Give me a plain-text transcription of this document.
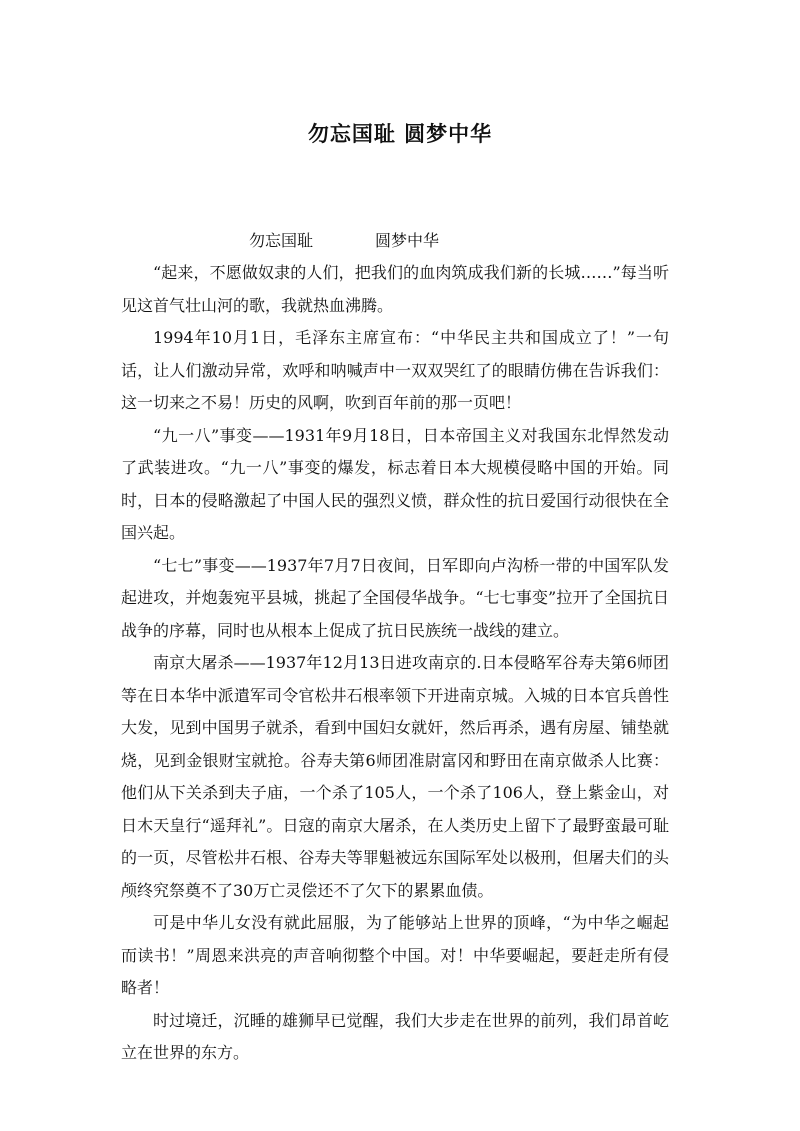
勿忘国耻 圆梦中华
勿忘国耻	圆梦中华

“起来，不愿做奴隶的人们，把我们的血肉筑成我们新的长城……”每当听见这首气壮山河的歌，我就热血沸腾。

1994年10月1日，毛泽东主席宣布：“中华民主共和国成立了！”一句话，让人们激动异常，欢呼和呐喊声中一双双哭红了的眼睛仿佛在告诉我们：这一切来之不易！历史的风啊，吹到百年前的那一页吧！

“九一八”事变——1931年9月18日，日本帝国主义对我国东北悍然发动了武装进攻。“九一八”事变的爆发，标志着日本大规模侵略中国的开始。同时，日本的侵略激起了中国人民的强烈义愤，群众性的抗日爱国行动很快在全国兴起。

“七七”事变——1937年7月7日夜间，日军即向卢沟桥一带的中国军队发起进攻，并炮轰宛平县城，挑起了全国侵华战争。“七七事变”拉开了全国抗日战争的序幕，同时也从根本上促成了抗日民族统一战线的建立。

南京大屠杀——1937年12月13日进攻南京的.日本侵略军谷寿夫第6师团等在日本华中派遣军司令官松井石根率领下开进南京城。入城的日本官兵兽性大发，见到中国男子就杀，看到中国妇女就奸，然后再杀，遇有房屋、铺垫就烧，见到金银财宝就抢。谷寿夫第6师团准尉富冈和野田在南京做杀人比赛：他们从下关杀到夫子庙，一个杀了105人，一个杀了106人，登上紫金山，对日木天皇行“遥拜礼”。日寇的南京大屠杀，在人类历史上留下了最野蛮最可耻的一页，尽管松井石根、谷寿夫等罪魁被远东国际军处以极刑，但屠夫们的头颅终究祭奠不了30万亡灵偿还不了欠下的累累血债。

可是中华儿女没有就此屈服，为了能够站上世界的顶峰，“为中华之崛起而读书！”周恩来洪亮的声音响彻整个中国。对！中华要崛起，要赶走所有侵略者！

时过境迁，沉睡的雄狮早已觉醒，我们大步走在世界的前列，我们昂首屹立在世界的东方。
